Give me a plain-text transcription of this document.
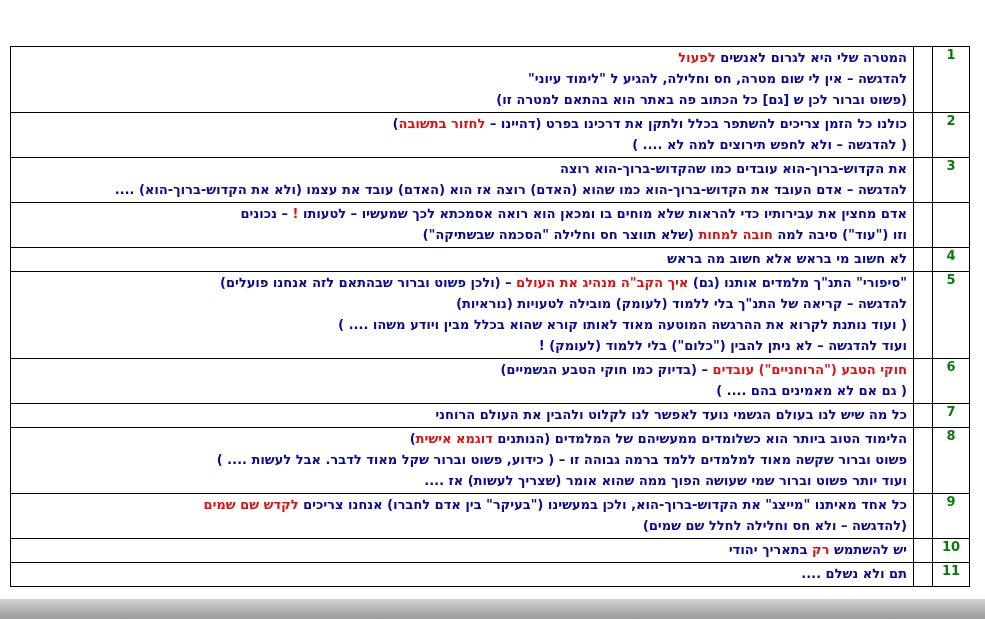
1		המטרה שלי היא לגרום לאנשים לפעול
להדגשה – אין לי שום מטרה, חס וחלילה, להגיע ל "לימוד עיוני"
(פשוט וברור לכן ש [גם] כל הכתוב פה באתר הוא בהתאם למטרה זו)

2		כולנו כל הזמן צריכים להשתפר בכלל ולתקן את דרכינו בפרט (דהיינו – לחזור בתשובה)
( להדגשה – ולא לחפש תירוצים למה לא .... )

3		את הקדוש-ברוך-הוא עובדים כמו שהקדוש-ברוך-הוא רוצה
להדגשה – אדם העובד את הקדוש-ברוך-הוא כמו שהוא (האדם) רוצה אז הוא (האדם) עובד את עצמו (ולא את הקדוש-ברוך-הוא) ....

		אדם מחצין את עבירותיו כדי להראות שלא מוחים בו ומכאן הוא רואה אסמכתא לכך שמעשיו – לטעותו ! – נכונים
וזו ("עוד") סיבה למה חובה למחות (שלא תווצר חס וחלילה "הסכמה שבשתיקה")

4		לא חשוב מי בראש אלא חשוב מה בראש

5		"סיפורי" התנ"ך מלמדים אותנו (גם) איך הקב"ה מנהיג את העולם – (ולכן פשוט וברור שבהתאם לזה אנחנו פועלים)
להדגשה – קריאה של התנ"ך בלי ללמוד (לעומק) מובילה לטעויות (נוראיות)
( ועוד נותנת לקרוא את ההרגשה המוטעה מאוד לאותו קורא שהוא בכלל מבין ויודע משהו .... )
ועוד להדגשה – לא ניתן להבין ("כלום") בלי ללמוד (לעומק) !

6		חוקי הטבע ("הרוחניים") עובדים – (בדיוק כמו חוקי הטבע הגשמיים)
( גם אם לא מאמינים בהם .... )

7		כל מה שיש לנו בעולם הגשמי נועד לאפשר לנו לקלוט ולהבין את העולם הרוחני

8		הלימוד הטוב ביותר הוא כשלומדים ממעשיהם של המלמדים (הנותנים דוגמא אישית)
פשוט וברור שקשה מאוד למלמדים ללמד ברמה גבוהה זו – ( כידוע, פשוט וברור שקל מאוד לדבר. אבל לעשות .... )
ועוד יותר פשוט וברור שמי שעושה הפוך ממה שהוא אומר (שצריך לעשות) אז ....

9		כל אחד מאיתנו "מייצג" את הקדוש-ברוך-הוא, ולכן במעשינו ("בעיקר" בין אדם לחברו) אנחנו צריכים לקדש שם שמים
(להדגשה – ולא חס וחלילה לחלל שם שמים)

10		יש להשתמש רק בתאריך יהודי

11		תם ולא נשלם ....
